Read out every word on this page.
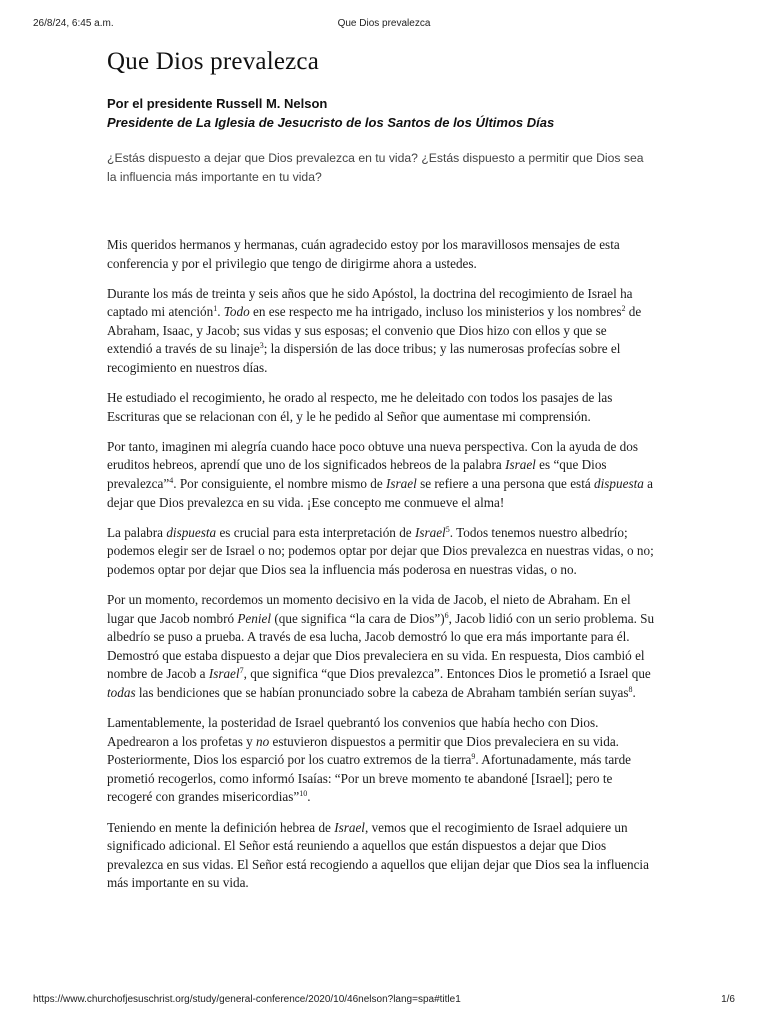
26/8/24, 6:45 a.m.	Que Dios prevalezca
Que Dios prevalezca
Por el presidente Russell M. Nelson
Presidente de La Iglesia de Jesucristo de los Santos de los Últimos Días
¿Estás dispuesto a dejar que Dios prevalezca en tu vida? ¿Estás dispuesto a permitir que Dios sea la influencia más importante en tu vida?

Mis queridos hermanos y hermanas, cuán agradecido estoy por los maravillosos mensajes de esta conferencia y por el privilegio que tengo de dirigirme ahora a ustedes.

Durante los más de treinta y seis años que he sido Apóstol, la doctrina del recogimiento de Israel ha captado mi atención$^1$. Todo en ese respecto me ha intrigado, incluso los ministerios y los nombres$^2$ de Abraham, Isaac, y Jacob; sus vidas y sus esposas; el convenio que Dios hizo con ellos y que se extendió a través de su linaje$^3$; la dispersión de las doce tribus; y las numerosas profecías sobre el recogimiento en nuestros días.

He estudiado el recogimiento, he orado al respecto, me he deleitado con todos los pasajes de las Escrituras que se relacionan con él, y le he pedido al Señor que aumentase mi comprensión.

Por tanto, imaginen mi alegría cuando hace poco obtuve una nueva perspectiva. Con la ayuda de dos eruditos hebreos, aprendí que uno de los significados hebreos de la palabra Israel es “que Dios prevalezca”$^4$. Por consiguiente, el nombre mismo de Israel se refiere a una persona que está dispuesta a dejar que Dios prevalezca en su vida. ¡Ese concepto me conmueve el alma!

La palabra dispuesta es crucial para esta interpretación de Israel$^5$. Todos tenemos nuestro albedrío; podemos elegir ser de Israel o no; podemos optar por dejar que Dios prevalezca en nuestras vidas, o no; podemos optar por dejar que Dios sea la influencia más poderosa en nuestras vidas, o no.

Por un momento, recordemos un momento decisivo en la vida de Jacob, el nieto de Abraham. En el lugar que Jacob nombró Peniel (que significa “la cara de Dios”)$^6$, Jacob lidió con un serio problema. Su albedrío se puso a prueba. A través de esa lucha, Jacob demostró lo que era más importante para él. Demostró que estaba dispuesto a dejar que Dios prevaleciera en su vida. En respuesta, Dios cambió el nombre de Jacob a Israel$^7$, que significa “que Dios prevalezca”. Entonces Dios le prometió a Israel que todas las bendiciones que se habían pronunciado sobre la cabeza de Abraham también serían suyas$^8$.

Lamentablemente, la posteridad de Israel quebrantó los convenios que había hecho con Dios. Apedrearon a los profetas y no estuvieron dispuestos a permitir que Dios prevaleciera en su vida. Posteriormente, Dios los esparció por los cuatro extremos de la tierra$^9$. Afortunadamente, más tarde prometió recogerlos, como informó Isaías: “Por un breve momento te abandoné [Israel]; pero te recogeré con grandes misericordias”$^{10}$.

Teniendo en mente la definición hebrea de Israel, vemos que el recogimiento de Israel adquiere un significado adicional. El Señor está reuniendo a aquellos que están dispuestos a dejar que Dios prevalezca en sus vidas. El Señor está recogiendo a aquellos que elijan dejar que Dios sea la influencia más importante en su vida.

https://www.churchofjesuschrist.org/study/general-conference/2020/10/46nelson?lang=spa#title1	1/6
